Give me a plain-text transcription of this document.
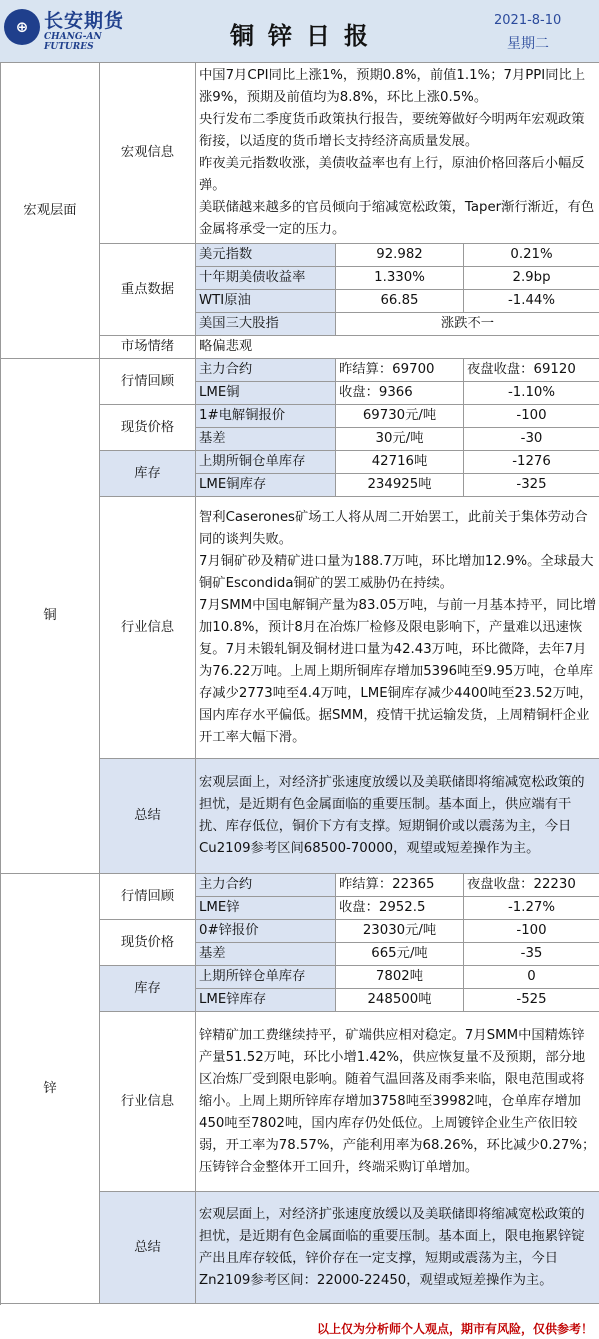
⊕ 长安期货
CHANG-AN FUTURES	铜锌日报
2021-8-10
星期二
宏观层面	宏观信息	中国7月CPI同比上涨1%，预期0.8%，前值1.1%；7月PPI同比上涨9%，预期及前值均为8.8%，环比上涨0.5%。
央行发布二季度货币政策执行报告，要统筹做好今明两年宏观政策衔接，以适度的货币增长支持经济高质量发展。
昨夜美元指数收涨，美债收益率也有上行，原油价格回落后小幅反弹。
美联储越来越多的官员倾向于缩减宽松政策，Taper渐行渐近，有色金属将承受一定的压力。		

	重点数据	美元指数	92.982	0.21%
		十年期美债收益率	1.330%	2.9bp
		WTI原油	66.85	-1.44%
		美国三大股指	涨跌不一	
	市场情绪	略偏悲观		

铜	行情回顾	主力合约	昨结算：69700	夜盘收盘：69120
		LME铜	收盘：9366	-1.10%
	现货价格	1#电解铜报价	69730元/吨	-100
		基差	30元/吨	-30
	库存	上期所铜仓单库存	42716吨	-1276
		LME铜库存	234925吨	-325
	行业信息	智利Caserones矿场工人将从周二开始罢工，此前关于集体劳动合同的谈判失败。
7月铜矿砂及精矿进口量为188.7万吨，环比增加12.9%。全球最大铜矿Escondida铜矿的罢工威胁仍在持续。
7月SMM中国电解铜产量为83.05万吨，与前一月基本持平，同比增加10.8%，预计8月在冶炼厂检修及限电影响下，产量难以迅速恢复。7月未锻轧铜及铜材进口量为42.43万吨，环比微降，去年7月为76.22万吨。上周上期所铜库存增加5396吨至9.95万吨，仓单库存减少2773吨至4.4万吨，LME铜库存减少4400吨至23.52万吨，国内库存水平偏低。据SMM，疫情干扰运输发货，上周精铜杆企业开工率大幅下滑。		

	总结	宏观层面上，对经济扩张速度放缓以及美联储即将缩减宽松政策的担忧，是近期有色金属面临的重要压制。基本面上，供应端有干扰、库存低位，铜价下方有支撑。短期铜价或以震荡为主，今日Cu2109参考区间68500-70000，观望或短差操作为主。		

锌	行情回顾	主力合约	昨结算：22365	夜盘收盘：22230
		LME锌	收盘：2952.5	-1.27%
	现货价格	0#锌报价	23030元/吨	-100
		基差	665元/吨	-35
	库存	上期所锌仓单库存	7802吨	0
		LME锌库存	248500吨	-525
	行业信息	锌精矿加工费继续持平，矿端供应相对稳定。7月SMM中国精炼锌产量51.52万吨，环比小增1.42%，供应恢复量不及预期，部分地区冶炼厂受到限电影响。随着气温回落及雨季来临，限电范围或将缩小。上周上期所锌库存增加3758吨至39982吨，仓单库存增加450吨至7802吨，国内库存仍处低位。上周镀锌企业生产依旧较弱，开工率为78.57%，产能利用率为68.26%，环比减少0.27%；压铸锌合金整体开工回升，终端采购订单增加。		
	总结	宏观层面上，对经济扩张速度放缓以及美联储即将缩减宽松政策的担忧，是近期有色金属面临的重要压制。基本面上，限电拖累锌锭产出且库存较低，锌价存在一定支撑，短期或震荡为主，今日Zn2109参考区间：22000-22450，观望或短差操作为主。		

以上仅为分析师个人观点，期市有风险，仅供参考！
